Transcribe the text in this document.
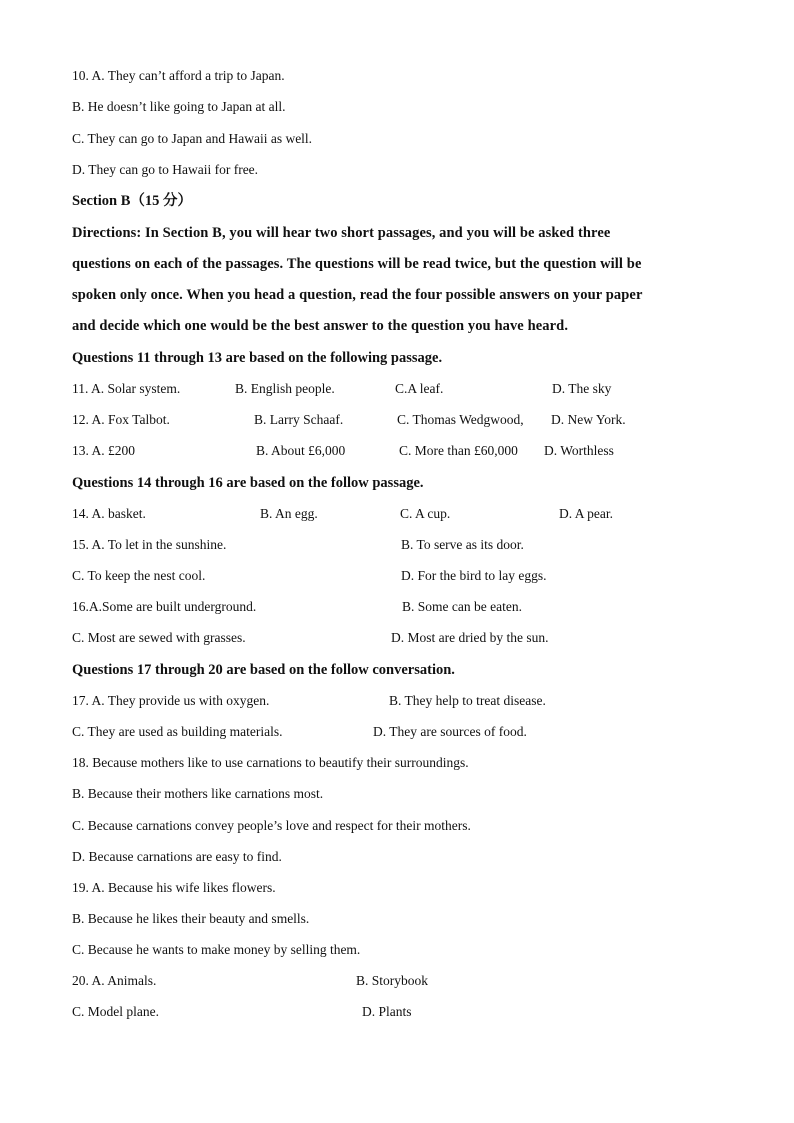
10. A. They can’t afford a trip to Japan.
B. He doesn’t like going to Japan at all.
C. They can go to Japan and Hawaii as well.
D. They can go to Hawaii for free.
Section B（15 分）
Directions: In Section B, you will hear two short passages, and you will be asked three
questions on each of the passages. The questions will be read twice, but the question will be
spoken only once. When you head a question, read the four possible answers on your paper
and decide which one would be the best answer to the question you have heard.
Questions 11 through 13 are based on the following passage.
11. A. Solar system.	B. English people.	C.A leaf.	D. The sky
12. A. Fox Talbot.	B. Larry Schaaf.	C. Thomas Wedgwood, D. New York.
13. A. £200	B. About £6,000	C. More than £60,000 D. Worthless
Questions 14 through 16 are based on the follow passage.
14. A. basket.	B. An egg.	C. A cup.	D. A pear.
15. A. To let in the sunshine.	B. To serve as its door.
C. To keep the nest cool.	D. For the bird to lay eggs.
16.A.Some are built underground.	B. Some can be eaten.
C. Most are sewed with grasses.	D. Most are dried by the sun.
Questions 17 through 20 are based on the follow conversation.
17. A. They provide us with oxygen.	B. They help to treat disease.
C. They are used as building materials.	D. They are sources of food.
18. Because mothers like to use carnations to beautify their surroundings.
B. Because their mothers like carnations most.
C. Because carnations convey people’s love and respect for their mothers.
D. Because carnations are easy to find.
19. A. Because his wife likes flowers.
B. Because he likes their beauty and smells.
C. Because he wants to make money by selling them.
20. A. Animals.	B. Storybook
C. Model plane.	D. Plants
